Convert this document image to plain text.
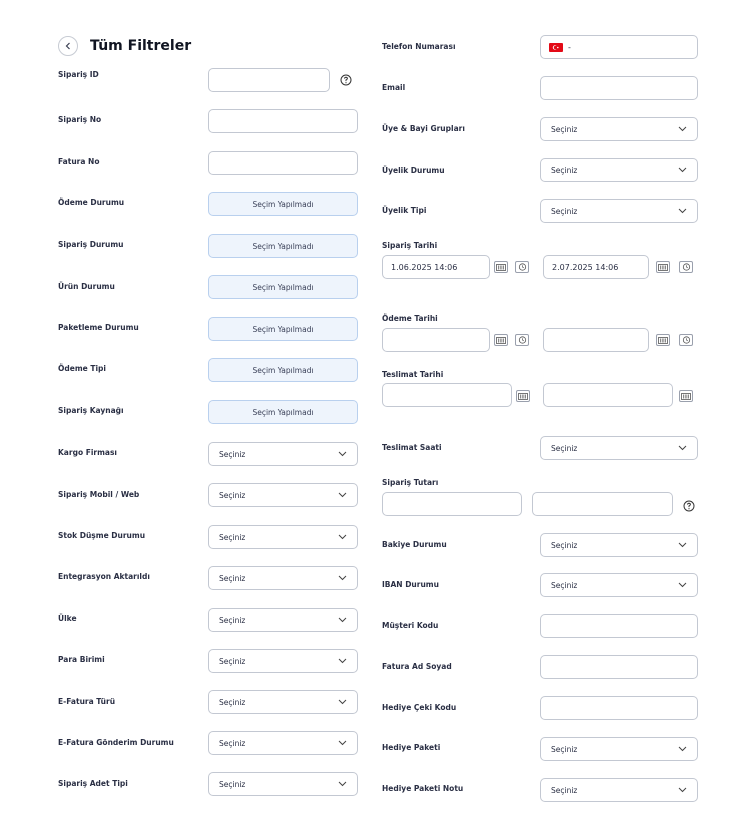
Tüm Filtreler
Sipariş ID
Sipariş No
Fatura No
Ödeme Durumu	Seçim Yapılmadı
Sipariş Durumu	Seçim Yapılmadı
Ürün Durumu	Seçim Yapılmadı
Paketleme Durumu	Seçim Yapılmadı
Ödeme Tipi	Seçim Yapılmadı
Sipariş Kaynağı	Seçim Yapılmadı
Kargo Firması	Seçiniz
Sipariş Mobil / Web	Seçiniz
Stok Düşme Durumu	Seçiniz
Entegrasyon Aktarıldı	Seçiniz
Ülke	Seçiniz
Para Birimi	Seçiniz
E-Fatura Türü	Seçiniz
E-Fatura Gönderim Durumu	Seçiniz
Sipariş Adet Tipi	Seçiniz
Telefon Numarası	-
Email
Üye & Bayi Grupları	Seçiniz
Üyelik Durumu	Seçiniz
Üyelik Tipi	Seçiniz
Sipariş Tarihi
1.06.2025 14:06	2.07.2025 14:06
Ödeme Tarihi
Teslimat Tarihi
Teslimat Saati	Seçiniz
Sipariş Tutarı
Bakiye Durumu	Seçiniz
IBAN Durumu	Seçiniz
Müşteri Kodu
Fatura Ad Soyad
Hediye Çeki Kodu
Hediye Paketi	Seçiniz
Hediye Paketi Notu	Seçiniz
